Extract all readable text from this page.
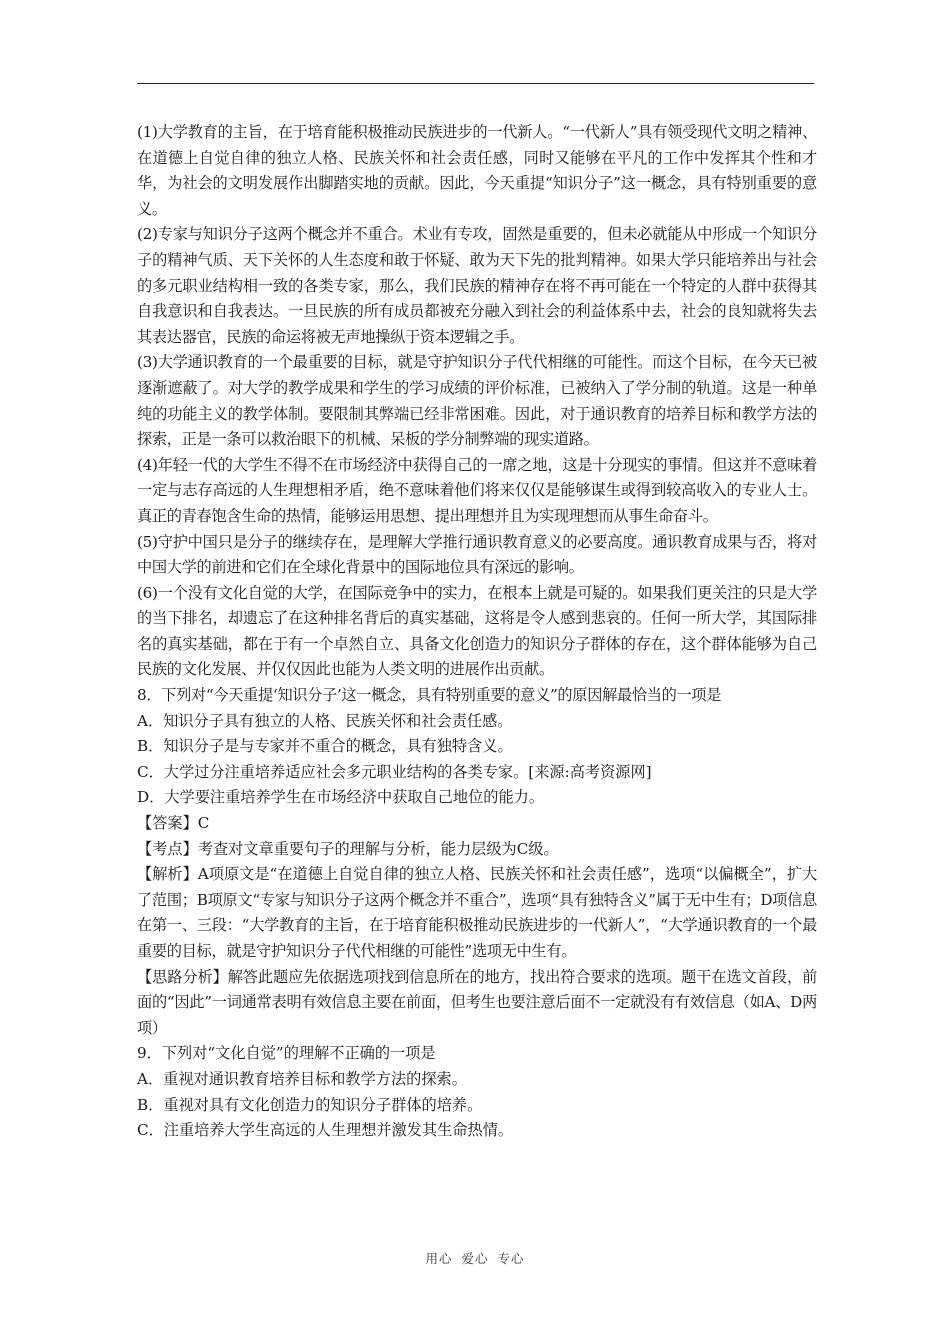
(1)大学教育的主旨，在于培育能积极推动民族进步的一代新人。“一代新人”具有领受现代文明之精神、在道德上自觉自律的独立人格、民族关怀和社会责任感，同时又能够在平凡的工作中发挥其个性和才华，为社会的文明发展作出脚踏实地的贡献。因此，今天重提“知识分子”这一概念，具有特别重要的意义。

(2)专家与知识分子这两个概念并不重合。术业有专攻，固然是重要的，但未必就能从中形成一个知识分子的精神气质、天下关怀的人生态度和敢于怀疑、敢为天下先的批判精神。如果大学只能培养出与社会的多元职业结构相一致的各类专家，那么，我们民族的精神存在将不再可能在一个特定的人群中获得其自我意识和自我表达。一旦民族的所有成员都被充分融入到社会的利益体系中去，社会的良知就将失去其表达器官，民族的命运将被无声地操纵于资本逻辑之手。

(3)大学通识教育的一个最重要的目标，就是守护知识分子代代相继的可能性。而这个目标，在今天已被逐渐遮蔽了。对大学的教学成果和学生的学习成绩的评价标准，已被纳入了学分制的轨道。这是一种单纯的功能主义的教学体制。要限制其弊端已经非常困难。因此，对于通识教育的培养目标和教学方法的探索，正是一条可以救治眼下的机械、呆板的学分制弊端的现实道路。

(4)年轻一代的大学生不得不在市场经济中获得自己的一席之地，这是十分现实的事情。但这并不意味着一定与志存高远的人生理想相矛盾，绝不意味着他们将来仅仅是能够谋生或得到较高收入的专业人士。真正的青春饱含生命的热情，能够运用思想、提出理想并且为实现理想而从事生命奋斗。

(5)守护中国只是分子的继续存在，是理解大学推行通识教育意义的必要高度。通识教育成果与否，将对中国大学的前进和它们在全球化背景中的国际地位具有深远的影响。

(6)一个没有文化自觉的大学，在国际竞争中的实力，在根本上就是可疑的。如果我们更关注的只是大学的当下排名，却遗忘了在这种排名背后的真实基础，这将是令人感到悲哀的。任何一所大学，其国际排名的真实基础，都在于有一个卓然自立、具备文化创造力的知识分子群体的存在，这个群体能够为自己民族的文化发展、并仅仅因此也能为人类文明的进展作出贡献。

8．下列对“今天重提‘知识分子’这一概念，具有特别重要的意义”的原因解最恰当的一项是

A．知识分子具有独立的人格、民族关怀和社会责任感。

B．知识分子是与专家并不重合的概念，具有独特含义。

C．大学过分注重培养适应社会多元职业结构的各类专家。[来源:高考资源网]

D．大学要注重培养学生在市场经济中获取自己地位的能力。

【答案】C

【考点】考查对文章重要句子的理解与分析，能力层级为C级。

【解析】A项原文是“在道德上自觉自律的独立人格、民族关怀和社会责任感”，选项“以偏概全”，扩大了范围；B项原文“专家与知识分子这两个概念并不重合”，选项“具有独特含义”属于无中生有；D项信息在第一、三段：“大学教育的主旨，在于培育能积极推动民族进步的一代新人”，“大学通识教育的一个最重要的目标，就是守护知识分子代代相继的可能性”选项无中生有。

【思路分析】解答此题应先依据选项找到信息所在的地方，找出符合要求的选项。题干在选文首段，前面的“因此”一词通常表明有效信息主要在前面，但考生也要注意后面不一定就没有有效信息（如A、D两项）

9．下列对“文化自觉”的理解不正确的一项是

A．重视对通识教育培养目标和教学方法的探索。

B．重视对具有文化创造力的知识分子群体的培养。

C．注重培养大学生高远的人生理想并激发其生命热情。

用心 爱心 专心
